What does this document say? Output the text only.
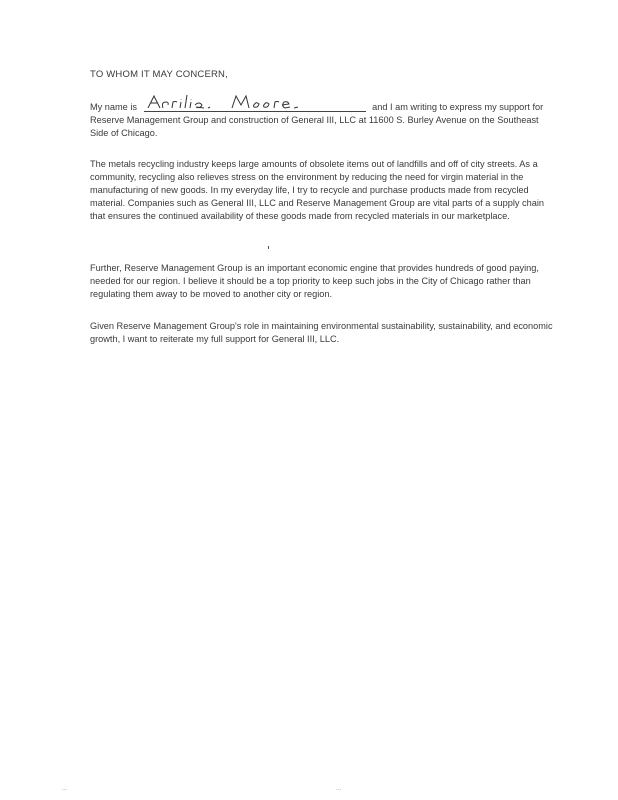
TO WHOM IT MAY CONCERN,
My name is	and I am writing to express my support for Reserve Management Group and construction of General III, LLC at 11600 S. Burley Avenue on the Southeast Side of Chicago.
The metals recycling industry keeps large amounts of obsolete items out of landfills and off of city streets. As a community, recycling also relieves stress on the environment by reducing the need for virgin material in the manufacturing of new goods. In my everyday life, I try to recycle and purchase products made from recycled material. Companies such as General III, LLC and Reserve Management Group are vital parts of a supply chain that ensures the continued availability of these goods made from recycled materials in our marketplace.
Further, Reserve Management Group is an important economic engine that provides hundreds of good paying, needed for our region. I believe it should be a top priority to keep such jobs in the City of Chicago rather than regulating them away to be moved to another city or region.
Given Reserve Management Group's role in maintaining environmental sustainability, sustainability, and economic growth, I want to reiterate my full support for General III, LLC.
...	...
